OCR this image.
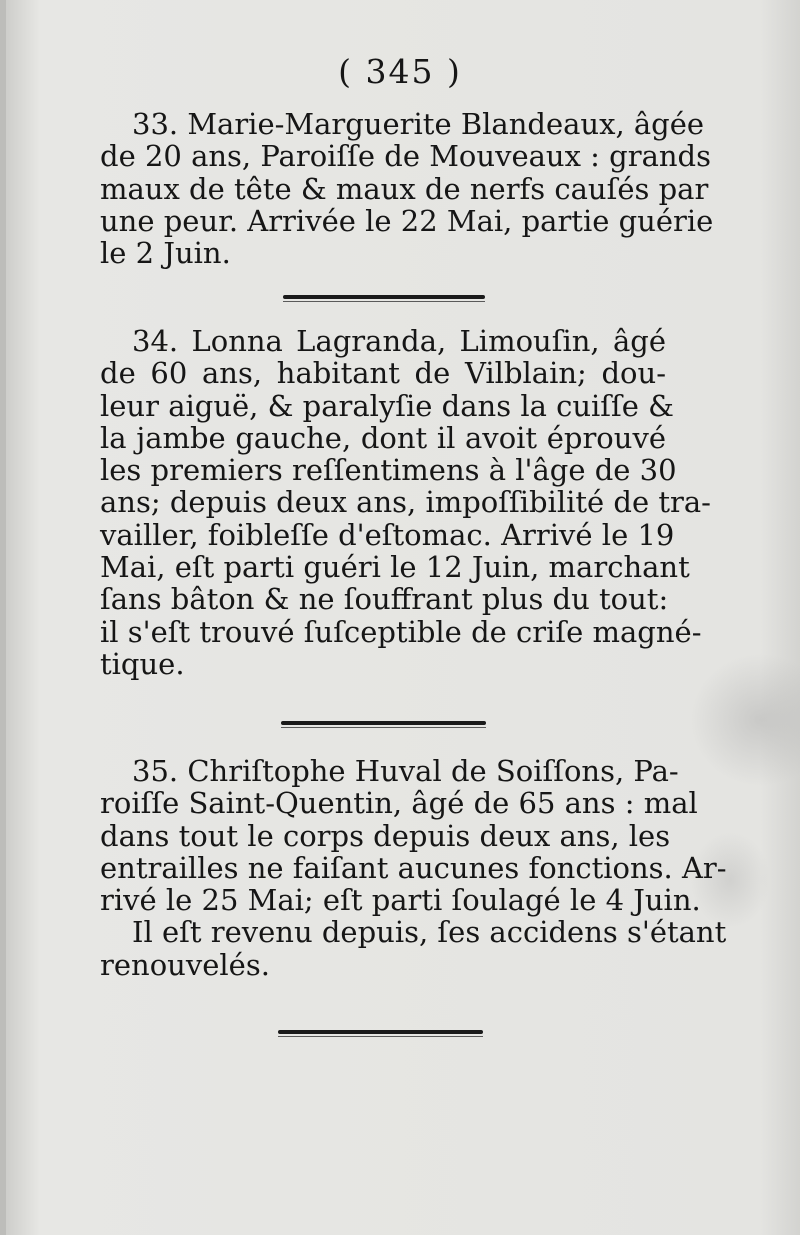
( 345 )
33. Marie-Marguerite Blandeaux, âgée
de 20 ans, Paroiſſe de Mouveaux : grands
maux de tête & maux de nerfs cauſés par
une peur. Arrivée le 22 Mai, partie guérie
le 2 Juin.
34. Lonna Lagranda, Limouſin, âgé
de 60 ans, habitant de Vilblain; dou-
leur aiguë, & paralyſie dans la cuiſſe &
la jambe gauche, dont il avoit éprouvé
les premiers reſſentimens à l'âge de 30
ans; depuis deux ans, impoſſibilité de tra-
vailler, foibleſſe d'eſtomac. Arrivé le 19
Mai, eſt parti guéri le 12 Juin, marchant
ſans bâton & ne ſouffrant plus du tout:
il s'eſt trouvé ſuſceptible de criſe magné-
tique.
35. Chriſtophe Huval de Soiſſons, Pa-
roiſſe Saint-Quentin, âgé de 65 ans : mal
dans tout le corps depuis deux ans, les
entrailles ne faiſant aucunes fonctions. Ar-
rivé le 25 Mai; eſt parti ſoulagé le 4 Juin.
Il eſt revenu depuis, ſes accidens s'étant
renouvelés.
